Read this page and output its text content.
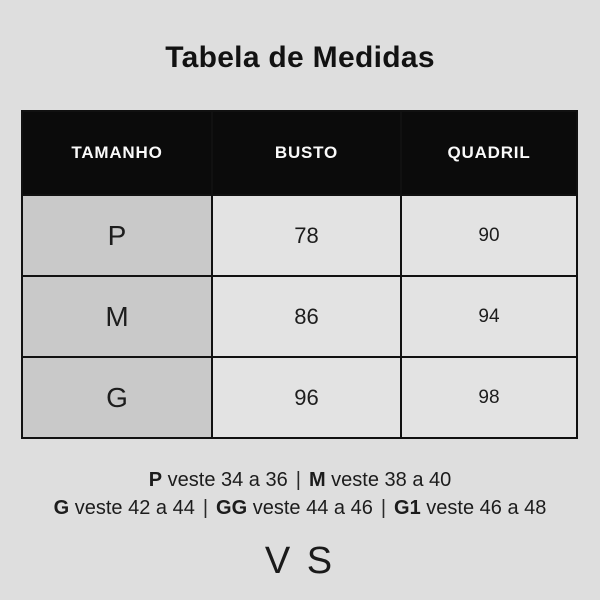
Tabela de Medidas
TAMANHO	BUSTO	QUADRIL
P	78	90
M	86	94
G	96	98
P veste 34 a 36 | M veste 38 a 40
G veste 42 a 44 | GG veste 44 a 46 | G1 veste 46 a 48
V S
